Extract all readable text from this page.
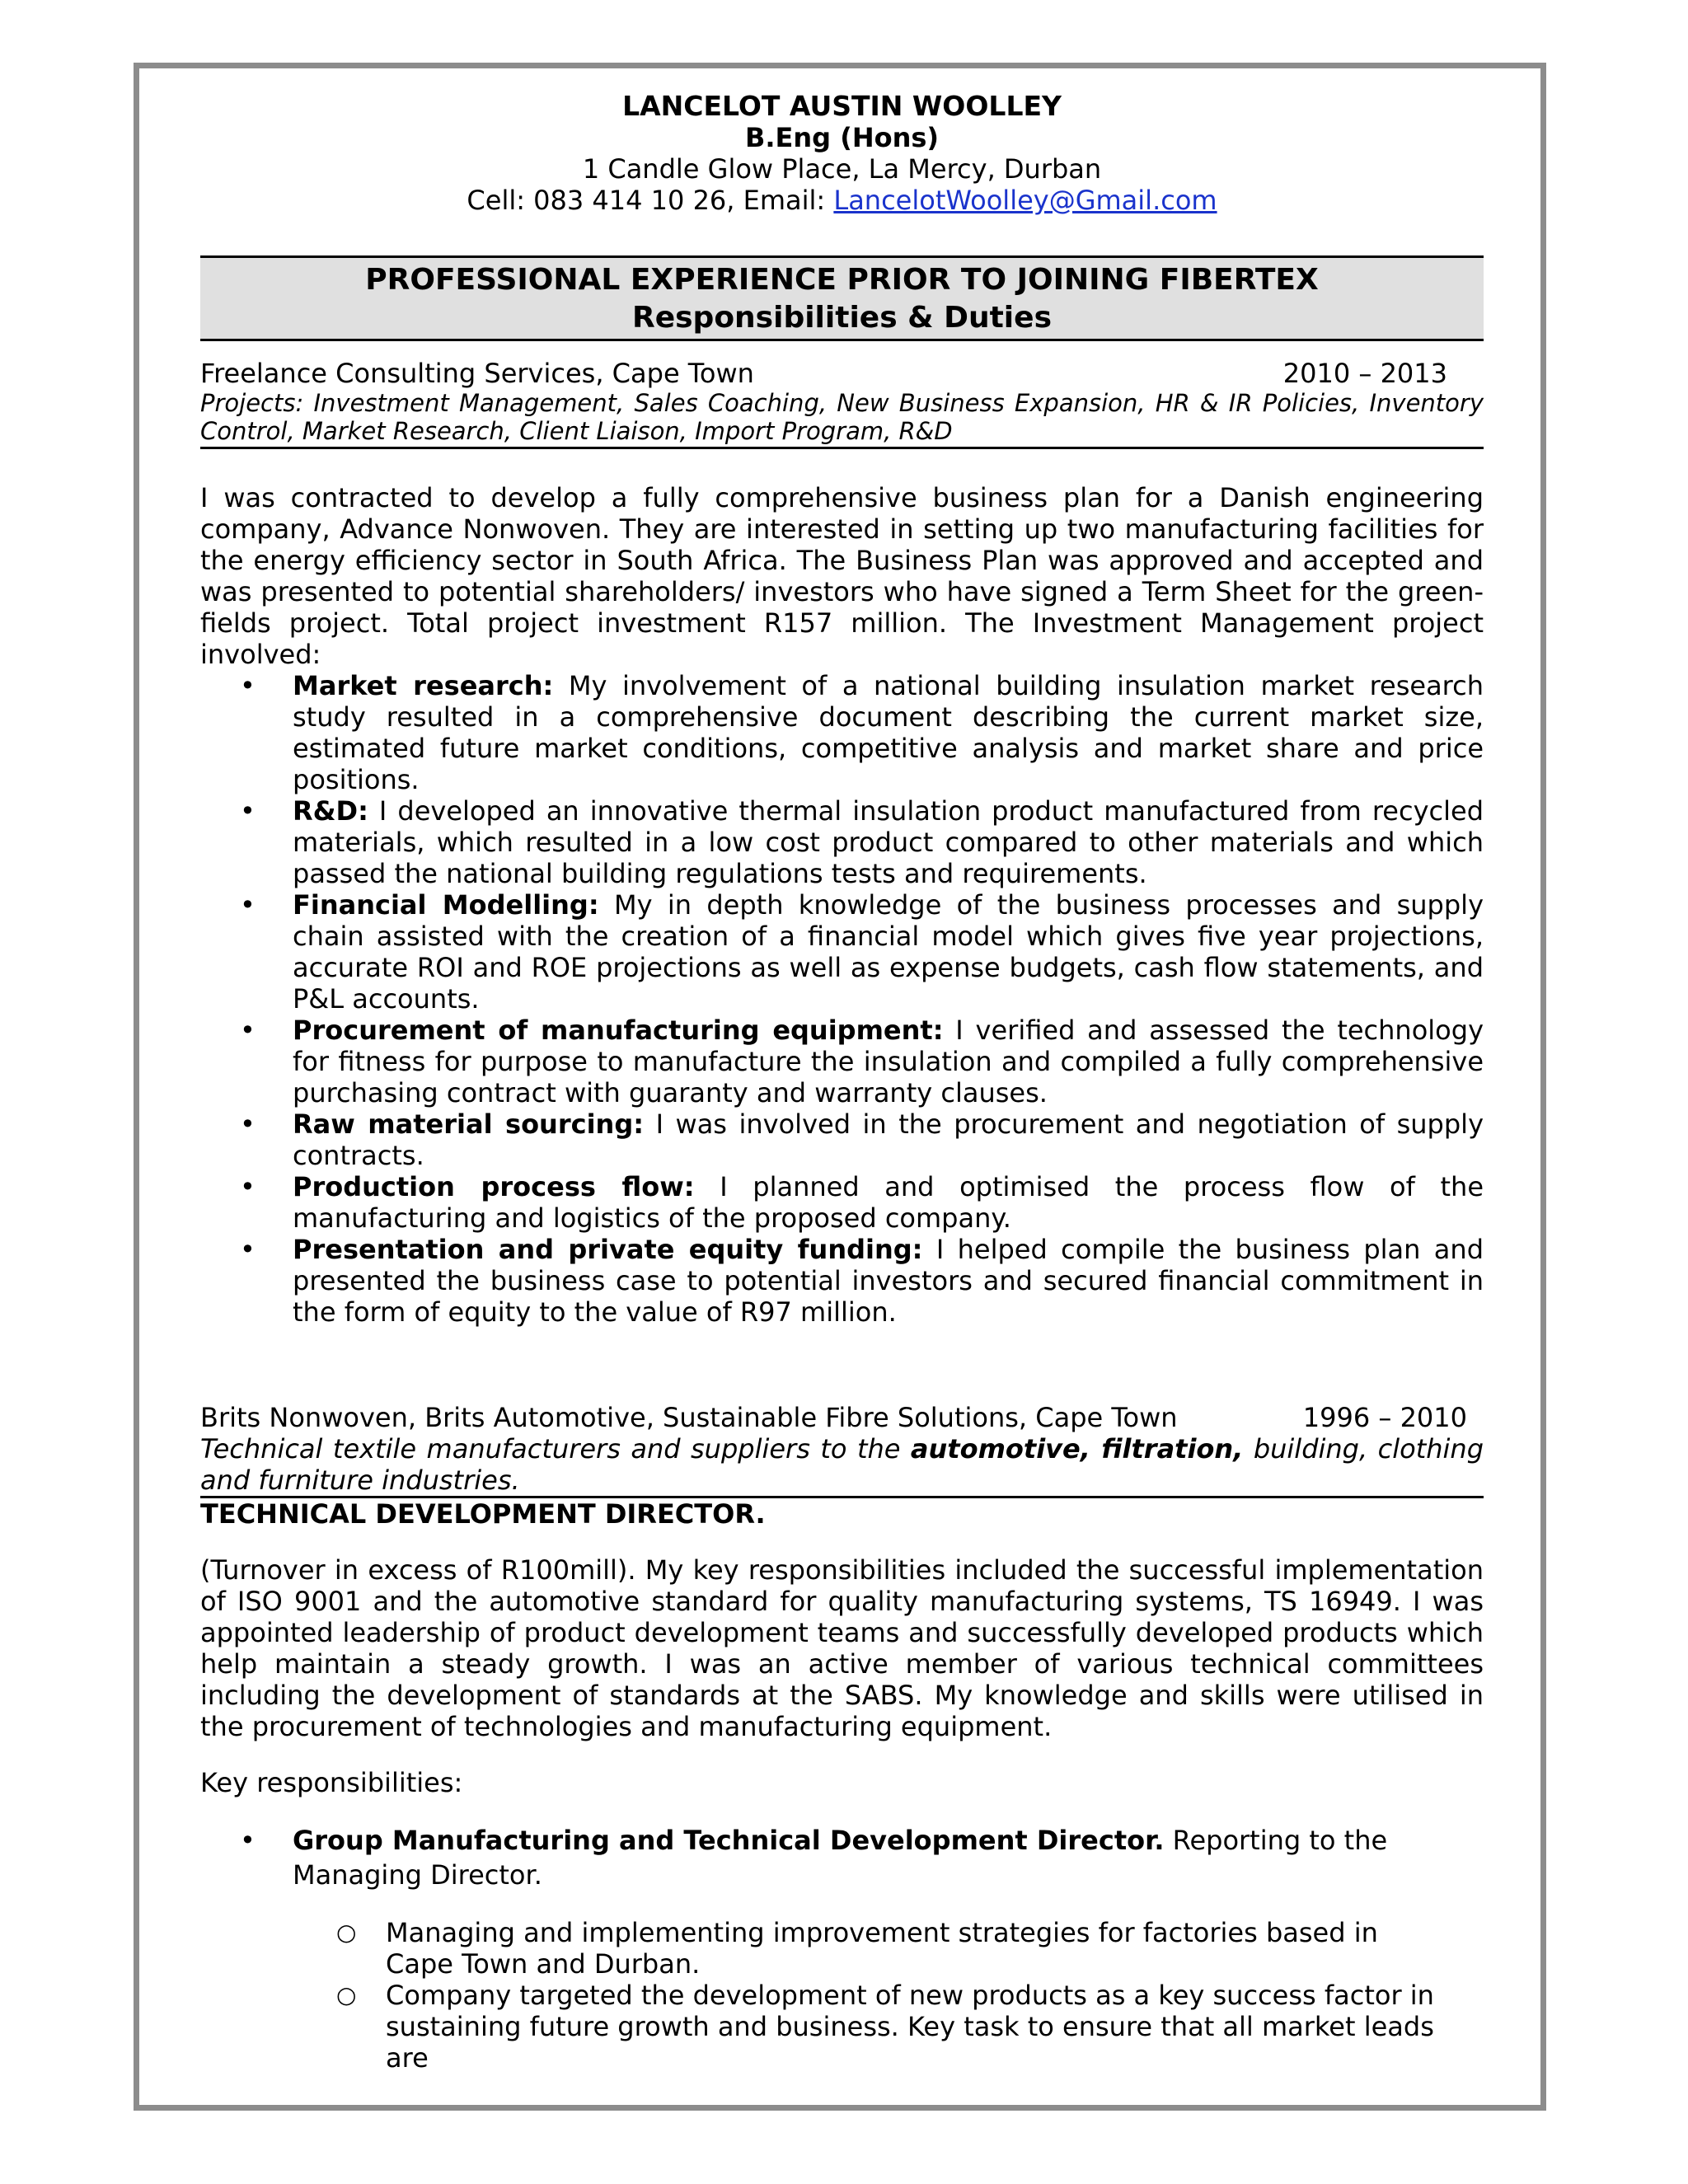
LANCELOT AUSTIN WOOLLEY
B.Eng (Hons)
1 Candle Glow Place, La Mercy, Durban
Cell: 083 414 10 26, Email: LancelotWoolley@Gmail.com
PROFESSIONAL EXPERIENCE PRIOR TO JOINING FIBERTEX
Responsibilities & Duties
Freelance Consulting Services, Cape Town	2010 – 2013
Projects: Investment Management, Sales Coaching, New Business Expansion, HR & IR Policies, Inventory Control, Market Research, Client Liaison, Import Program, R&D

I was contracted to develop a fully comprehensive business plan for a Danish engineering company, Advance Nonwoven. They are interested in setting up two manufacturing facilities for the energy efficiency sector in South Africa. The Business Plan was approved and accepted and was presented to potential shareholders/ investors who have signed a Term Sheet for the green-fields project. Total project investment R157 million. The Investment Management project involved:

• Market research: My involvement of a national building insulation market research study resulted in a comprehensive document describing the current market size, estimated future market conditions, competitive analysis and market share and price positions.
• R&D: I developed an innovative thermal insulation product manufactured from recycled materials, which resulted in a low cost product compared to other materials and which passed the national building regulations tests and requirements.
• Financial Modelling: My in depth knowledge of the business processes and supply chain assisted with the creation of a financial model which gives five year projections, accurate ROI and ROE projections as well as expense budgets, cash flow statements, and P&L accounts.
• Procurement of manufacturing equipment: I verified and assessed the technology for fitness for purpose to manufacture the insulation and compiled a fully comprehensive purchasing contract with guaranty and warranty clauses.
• Raw material sourcing: I was involved in the procurement and negotiation of supply contracts.
• Production process flow: I planned and optimised the process flow of the manufacturing and logistics of the proposed company.
• Presentation and private equity funding: I helped compile the business plan and presented the business case to potential investors and secured financial commitment in the form of equity to the value of R97 million.
Brits Nonwoven, Brits Automotive, Sustainable Fibre Solutions, Cape Town	1996 – 2010
Technical textile manufacturers and suppliers to the automotive, filtration, building, clothing and furniture industries.
TECHNICAL DEVELOPMENT DIRECTOR.

(Turnover in excess of R100mill). My key responsibilities included the successful implementation of ISO 9001 and the automotive standard for quality manufacturing systems, TS 16949. I was appointed leadership of product development teams and successfully developed products which help maintain a steady growth. I was an active member of various technical committees including the development of standards at the SABS. My knowledge and skills were utilised in the procurement of technologies and manufacturing equipment.

Key responsibilities:

• Group Manufacturing and Technical Development Director. Reporting to the Managing Director.
○ Managing and implementing improvement strategies for factories based in Cape Town and Durban.
○ Company targeted the development of new products as a key success factor in sustaining future growth and business. Key task to ensure that all market leads are
